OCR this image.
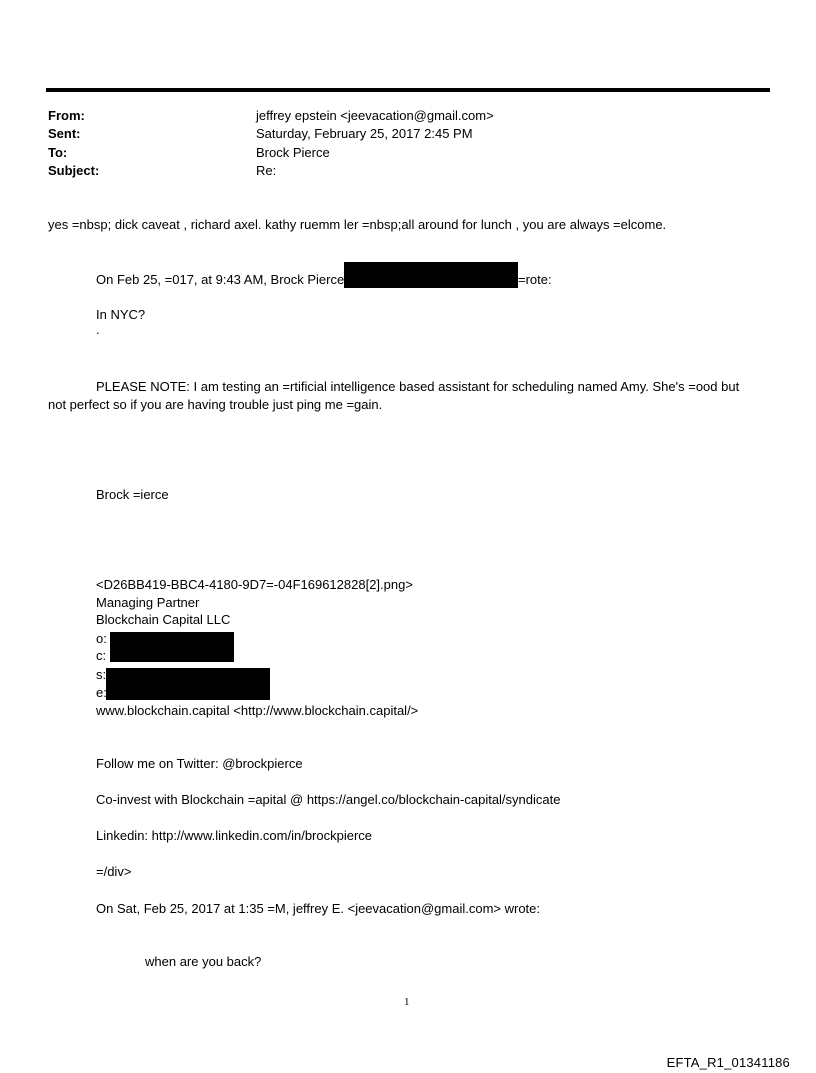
From:	jeffrey epstein <jeevacation@gmail.com>
Sent:	Saturday, February 25, 2017 2:45 PM
To:	Brock Pierce
Subject:	Re:
yes =nbsp; dick caveat , richard axel. kathy ruemm ler =nbsp;all around for lunch , you are always =elcome.
On Feb 25, =017, at 9:43 AM, Brock Pierce	=rote:
In NYC?
.
PLEASE NOTE: I am testing an =rtificial intelligence based assistant for scheduling named Amy. She's =ood but
not perfect so if you are having trouble just ping me =gain.
Brock =ierce
<D26BB419-BBC4-4180-9D7=-04F169612828[2].png>
Managing Partner
Blockchain Capital LLC
o:
c:
s:
e:
www.blockchain.capital <http://www.blockchain.capital/>
Follow me on Twitter: @brockpierce
Co-invest with Blockchain =apital @ https://angel.co/blockchain-capital/syndicate
Linkedin: http://www.linkedin.com/in/brockpierce
=/div>
On Sat, Feb 25, 2017 at 1:35 =M, jeffrey E. <jeevacation@gmail.com> wrote:
when are you back?
1
EFTA_R1_01341186
